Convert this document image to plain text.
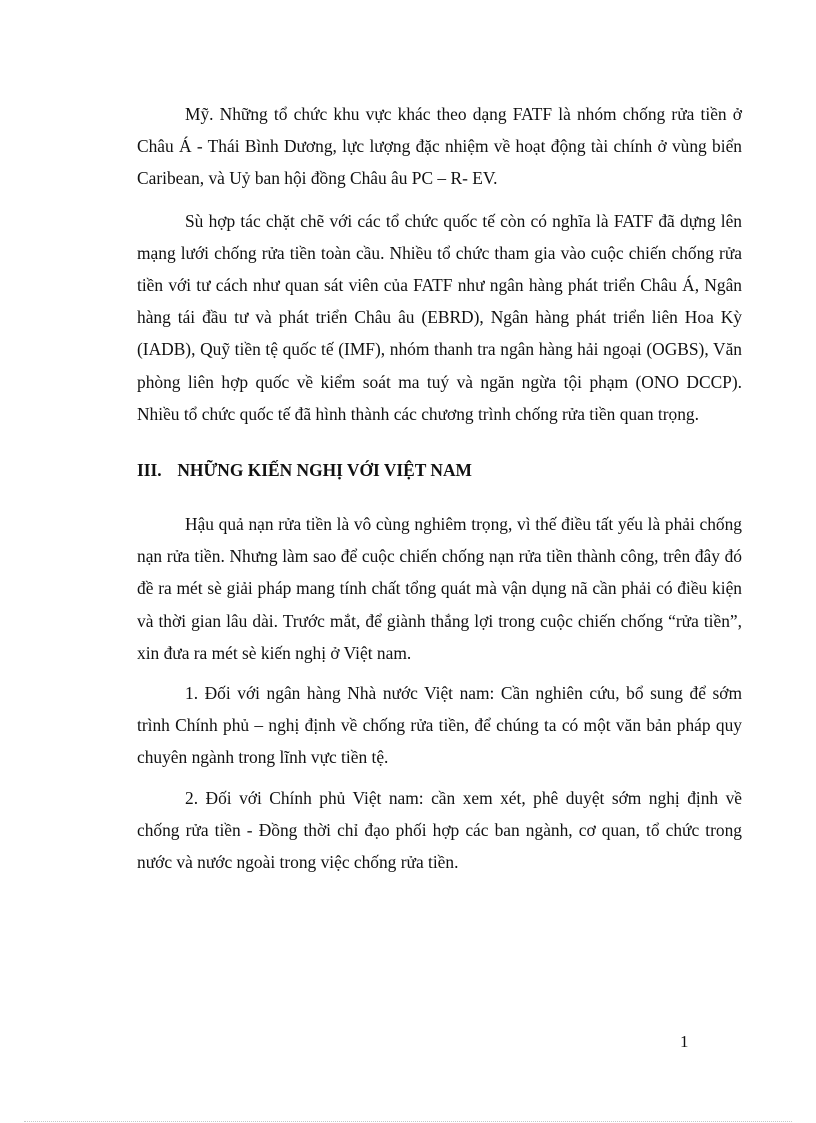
Mỹ. Những tổ chức khu vực khác theo dạng FATF là nhóm chống rửa tiền ở Châu Á - Thái Bình Dương, lực lượng đặc nhiệm về hoạt động tài chính ở vùng biển Caribean, và Uỷ ban hội đồng Châu âu PC – R- EV.

Sù hợp tác chặt chẽ với các tổ chức quốc tế còn có nghĩa là FATF đã dựng lên mạng lưới chống rửa tiền toàn cầu. Nhiều tổ chức tham gia vào cuộc chiến chống rửa tiền với tư cách như quan sát viên của FATF như ngân hàng phát triển Châu Á, Ngân hàng tái đầu tư và phát triển Châu âu (EBRD), Ngân hàng phát triển liên Hoa Kỳ (IADB), Quỹ tiền tệ quốc tế (IMF), nhóm thanh tra ngân hàng hải ngoại (OGBS), Văn phòng liên hợp quốc về kiểm soát ma tuý và ngăn ngừa tội phạm (ONO DCCP). Nhiều tổ chức quốc tế đã hình thành các chương trình chống rửa tiền quan trọng.

III. NHỮNG KIẾN NGHỊ VỚI VIỆT NAM

Hậu quả nạn rửa tiền là vô cùng nghiêm trọng, vì thế điều tất yếu là phải chống nạn rửa tiền. Nhưng làm sao để cuộc chiến chống nạn rửa tiền thành công, trên đây đó đề ra mét sè giải pháp mang tính chất tổng quát mà vận dụng nã cần phải có điều kiện và thời gian lâu dài. Trước mắt, để giành thắng lợi trong cuộc chiến chống “rửa tiền”, xin đưa ra mét sè kiến nghị ở Việt nam.

1. Đối với ngân hàng Nhà nước Việt nam: Cần nghiên cứu, bổ sung để sớm trình Chính phủ – nghị định về chống rửa tiền, để chúng ta có một văn bản pháp quy chuyên ngành trong lĩnh vực tiền tệ.

2. Đối với Chính phủ Việt nam: cần xem xét, phê duyệt sớm nghị định về chống rửa tiền - Đồng thời chỉ đạo phối hợp các ban ngành, cơ quan, tổ chức trong nước và nước ngoài trong việc chống rửa tiền.

1
